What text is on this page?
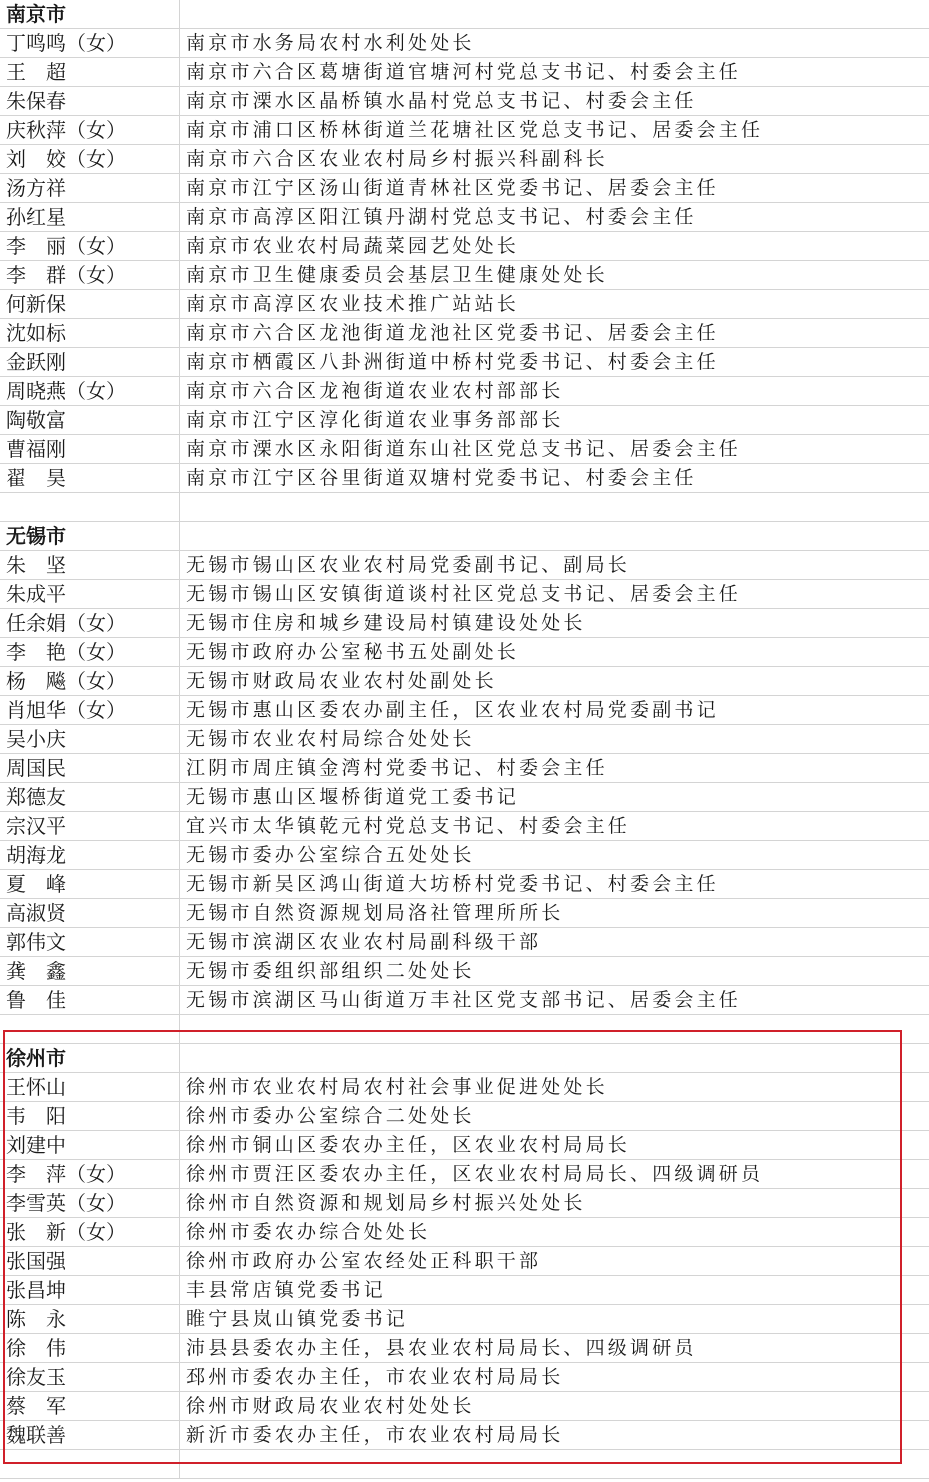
南京市
丁鸣鸣（女）	南京市水务局农村水利处处长
王　超	南京市六合区葛塘街道官塘河村党总支书记、村委会主任
朱保春	南京市溧水区晶桥镇水晶村党总支书记、村委会主任
庆秋萍（女）	南京市浦口区桥林街道兰花塘社区党总支书记、居委会主任
刘　姣（女）	南京市六合区农业农村局乡村振兴科副科长
汤方祥	南京市江宁区汤山街道青林社区党委书记、居委会主任
孙红星	南京市高淳区阳江镇丹湖村党总支书记、村委会主任
李　丽（女）	南京市农业农村局蔬菜园艺处处长
李　群（女）	南京市卫生健康委员会基层卫生健康处处长
何新保	南京市高淳区农业技术推广站站长
沈如标	南京市六合区龙池街道龙池社区党委书记、居委会主任
金跃刚	南京市栖霞区八卦洲街道中桥村党委书记、村委会主任
周晓燕（女）	南京市六合区龙袍街道农业农村部部长
陶敬富	南京市江宁区淳化街道农业事务部部长
曹福刚	南京市溧水区永阳街道东山社区党总支书记、居委会主任
翟　昊	南京市江宁区谷里街道双塘村党委书记、村委会主任
无锡市
朱　坚	无锡市锡山区农业农村局党委副书记、副局长
朱成平	无锡市锡山区安镇街道谈村社区党总支书记、居委会主任
任余娟（女）	无锡市住房和城乡建设局村镇建设处处长
李　艳（女）	无锡市政府办公室秘书五处副处长
杨　飚（女）	无锡市财政局农业农村处副处长
肖旭华（女）	无锡市惠山区委农办副主任，区农业农村局党委副书记
吴小庆	无锡市农业农村局综合处处长
周国民	江阴市周庄镇金湾村党委书记、村委会主任
郑德友	无锡市惠山区堰桥街道党工委书记
宗汉平	宜兴市太华镇乾元村党总支书记、村委会主任
胡海龙	无锡市委办公室综合五处处长
夏　峰	无锡市新吴区鸿山街道大坊桥村党委书记、村委会主任
高淑贤	无锡市自然资源规划局洛社管理所所长
郭伟文	无锡市滨湖区农业农村局副科级干部
龚　鑫	无锡市委组织部组织二处处长
鲁　佳	无锡市滨湖区马山街道万丰社区党支部书记、居委会主任
徐州市
王怀山	徐州市农业农村局农村社会事业促进处处长
韦　阳	徐州市委办公室综合二处处长
刘建中	徐州市铜山区委农办主任，区农业农村局局长
李　萍（女）	徐州市贾汪区委农办主任，区农业农村局局长、四级调研员
李雪英（女）	徐州市自然资源和规划局乡村振兴处处长
张　新（女）	徐州市委农办综合处处长
张国强	徐州市政府办公室农经处正科职干部
张昌坤	丰县常店镇党委书记
陈　永	睢宁县岚山镇党委书记
徐　伟	沛县县委农办主任，县农业农村局局长、四级调研员
徐友玉	邳州市委农办主任，市农业农村局局长
蔡　军	徐州市财政局农业农村处处长
魏联善	新沂市委农办主任，市农业农村局局长
